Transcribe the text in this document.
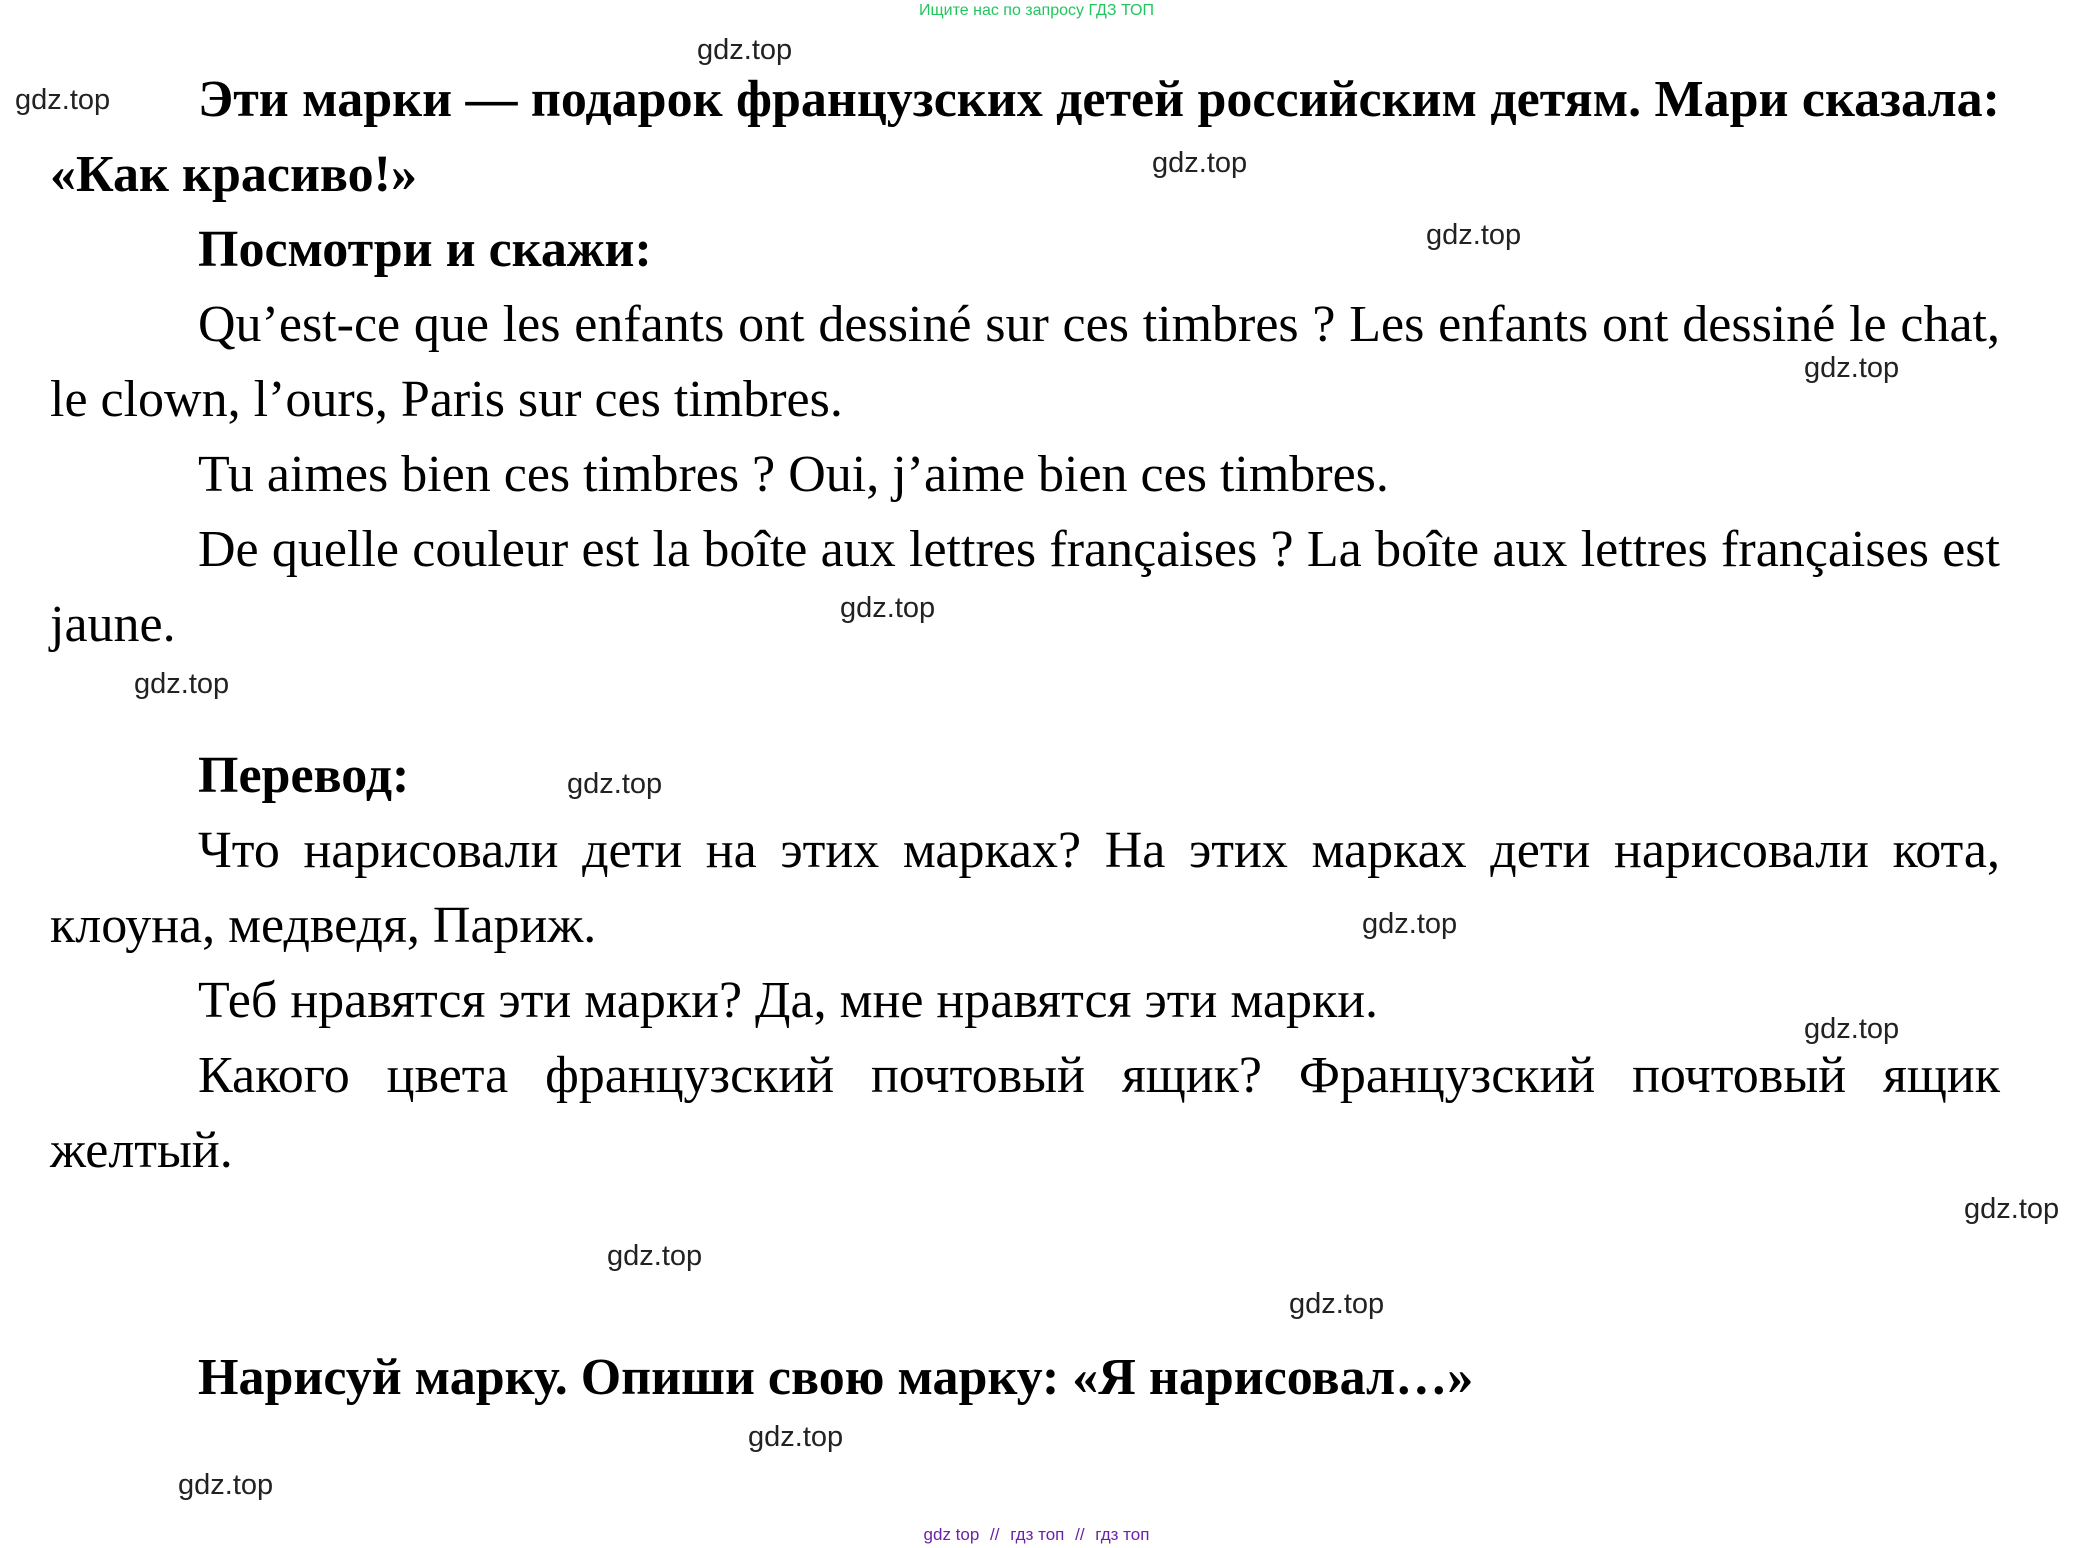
Ищите нас по запросу ГДЗ ТОП

Эти марки — подарок французских детей российским детям. Мари сказала: «Как красиво!»

Посмотри и скажи:

Qu’est-ce que les enfants ont dessiné sur ces timbres ? Les enfants ont dessiné le chat, le clown, l’ours, Paris sur ces timbres.

Tu aimes bien ces timbres ? Oui, j’aime bien ces timbres.

De quelle couleur est la boîte aux lettres françaises ? La boîte aux lettres françaises est jaune.

Перевод:

Что нарисовали дети на этих марках? На этих марках дети нарисовали кота, клоуна, медведя, Париж.

Теб нравятся эти марки? Да, мне нравятся эти марки.

Какого цвета французский почтовый ящик? Французский почтовый ящик желтый.

Нарисуй марку. Опиши свою марку: «Я нарисовал…»

gdz.top
gdz.top
gdz.top
gdz.top
gdz.top
gdz.top
gdz.top
gdz.top
gdz.top
gdz.top
gdz.top
gdz.top
gdz.top
gdz.top
gdz.top
gdz top // гдз топ // гдз топ
